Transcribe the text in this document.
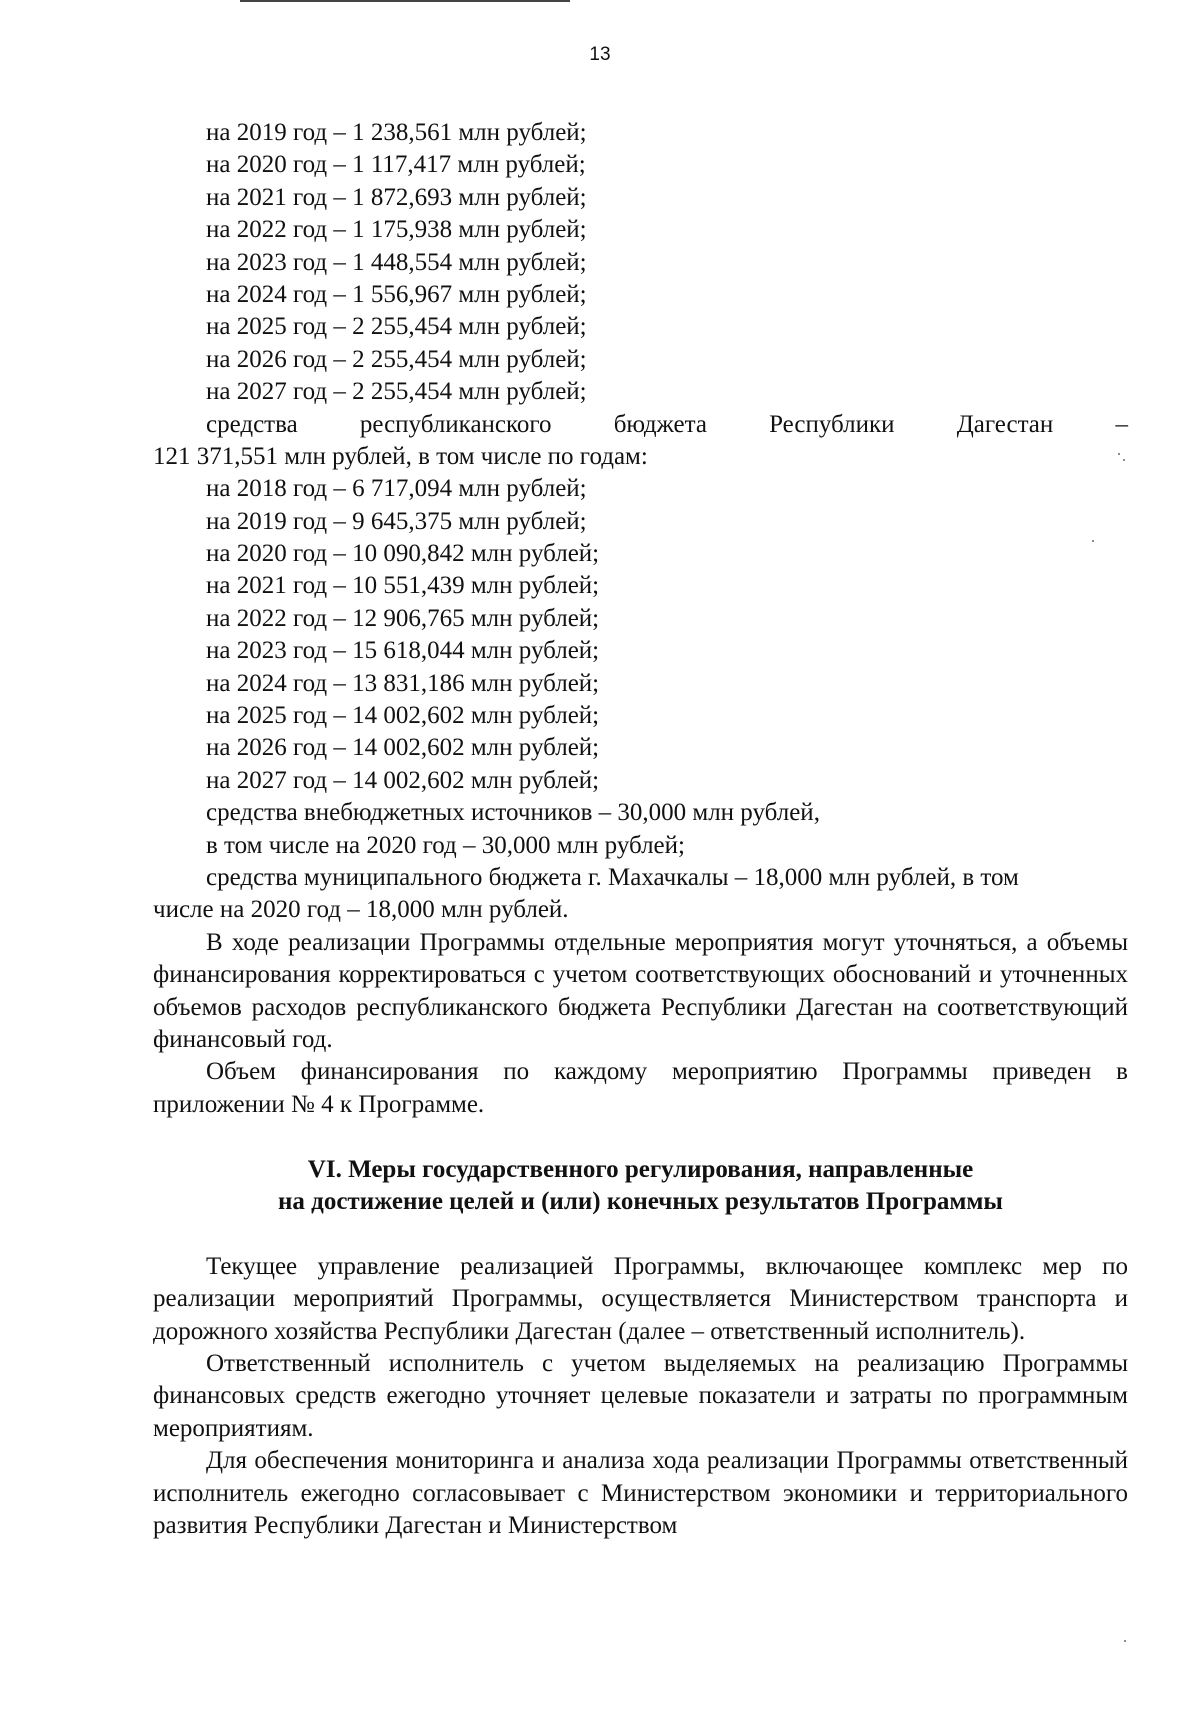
13
на 2019 год – 1 238,561 млн рублей;
на 2020 год – 1 117,417 млн рублей;
на 2021 год – 1 872,693 млн рублей;
на 2022 год – 1 175,938 млн рублей;
на 2023 год – 1 448,554 млн рублей;
на 2024 год – 1 556,967 млн рублей;
на 2025 год – 2 255,454 млн рублей;
на 2026 год – 2 255,454 млн рублей;
на 2027 год – 2 255,454 млн рублей;
средства республиканского бюджета Республики Дагестан –
121 371,551 млн рублей, в том числе по годам:
на 2018 год – 6 717,094 млн рублей;
на 2019 год – 9 645,375 млн рублей;
на 2020 год – 10 090,842 млн рублей;
на 2021 год – 10 551,439 млн рублей;
на 2022 год – 12 906,765 млн рублей;
на 2023 год – 15 618,044 млн рублей;
на 2024 год – 13 831,186 млн рублей;
на 2025 год – 14 002,602 млн рублей;
на 2026 год – 14 002,602 млн рублей;
на 2027 год – 14 002,602 млн рублей;
средства внебюджетных источников – 30,000 млн рублей,
в том числе на 2020 год – 30,000 млн рублей;
средства муниципального бюджета г. Махачкалы – 18,000 млн рублей, в том
числе на 2020 год – 18,000 млн рублей.

В ходе реализации Программы отдельные мероприятия могут уточняться, а объемы финансирования корректироваться с учетом соответствующих обоснований и уточненных объемов расходов республиканского бюджета Республики Дагестан на соответствующий финансовый год.

Объем финансирования по каждому мероприятию Программы приведен в приложении № 4 к Программе.

VI. Меры государственного регулирования, направленные
на достижение целей и (или) конечных результатов Программы

Текущее управление реализацией Программы, включающее комплекс мер по реализации мероприятий Программы, осуществляется Министерством транспорта и дорожного хозяйства Республики Дагестан (далее – ответственный исполнитель).

Ответственный исполнитель с учетом выделяемых на реализацию Программы финансовых средств ежегодно уточняет целевые показатели и затраты по программным мероприятиям.

Для обеспечения мониторинга и анализа хода реализации Программы ответственный исполнитель ежегодно согласовывает с Министерством экономики и территориального развития Республики Дагестан и Министерством
